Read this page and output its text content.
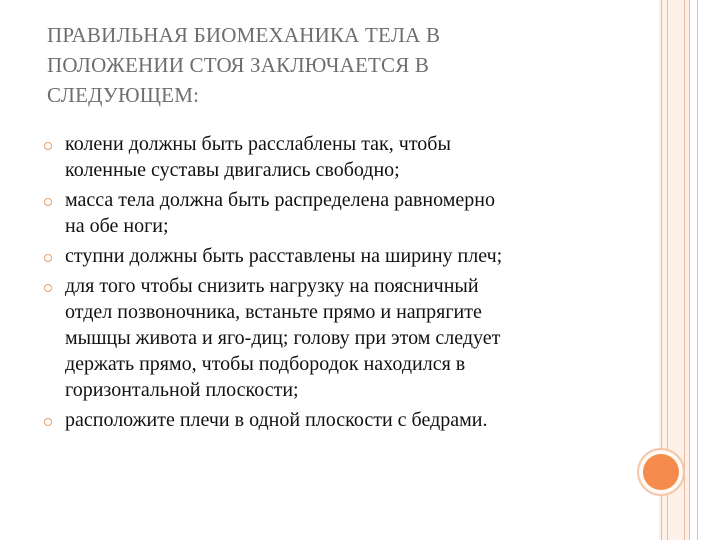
ПРАВИЛЬНАЯ БИОМЕХАНИКА ТЕЛА В
ПОЛОЖЕНИИ СТОЯ ЗАКЛЮЧАЕТСЯ В
СЛЕДУЮЩЕМ:
колени должны быть расслаблены так, чтобы
коленные суставы двигались свободно;
масса тела должна быть распределена равномерно
на обе ноги;
ступни должны быть расставлены на ширину плеч;
для того чтобы снизить нагрузку на поясничный
отдел позвоночника, встаньте прямо и напрягите
мышцы живота и яго-диц; голову при этом следует
держать прямо, чтобы подбородок находился в
горизонтальной плоскости;
расположите плечи в одной плоскости с бедрами.
